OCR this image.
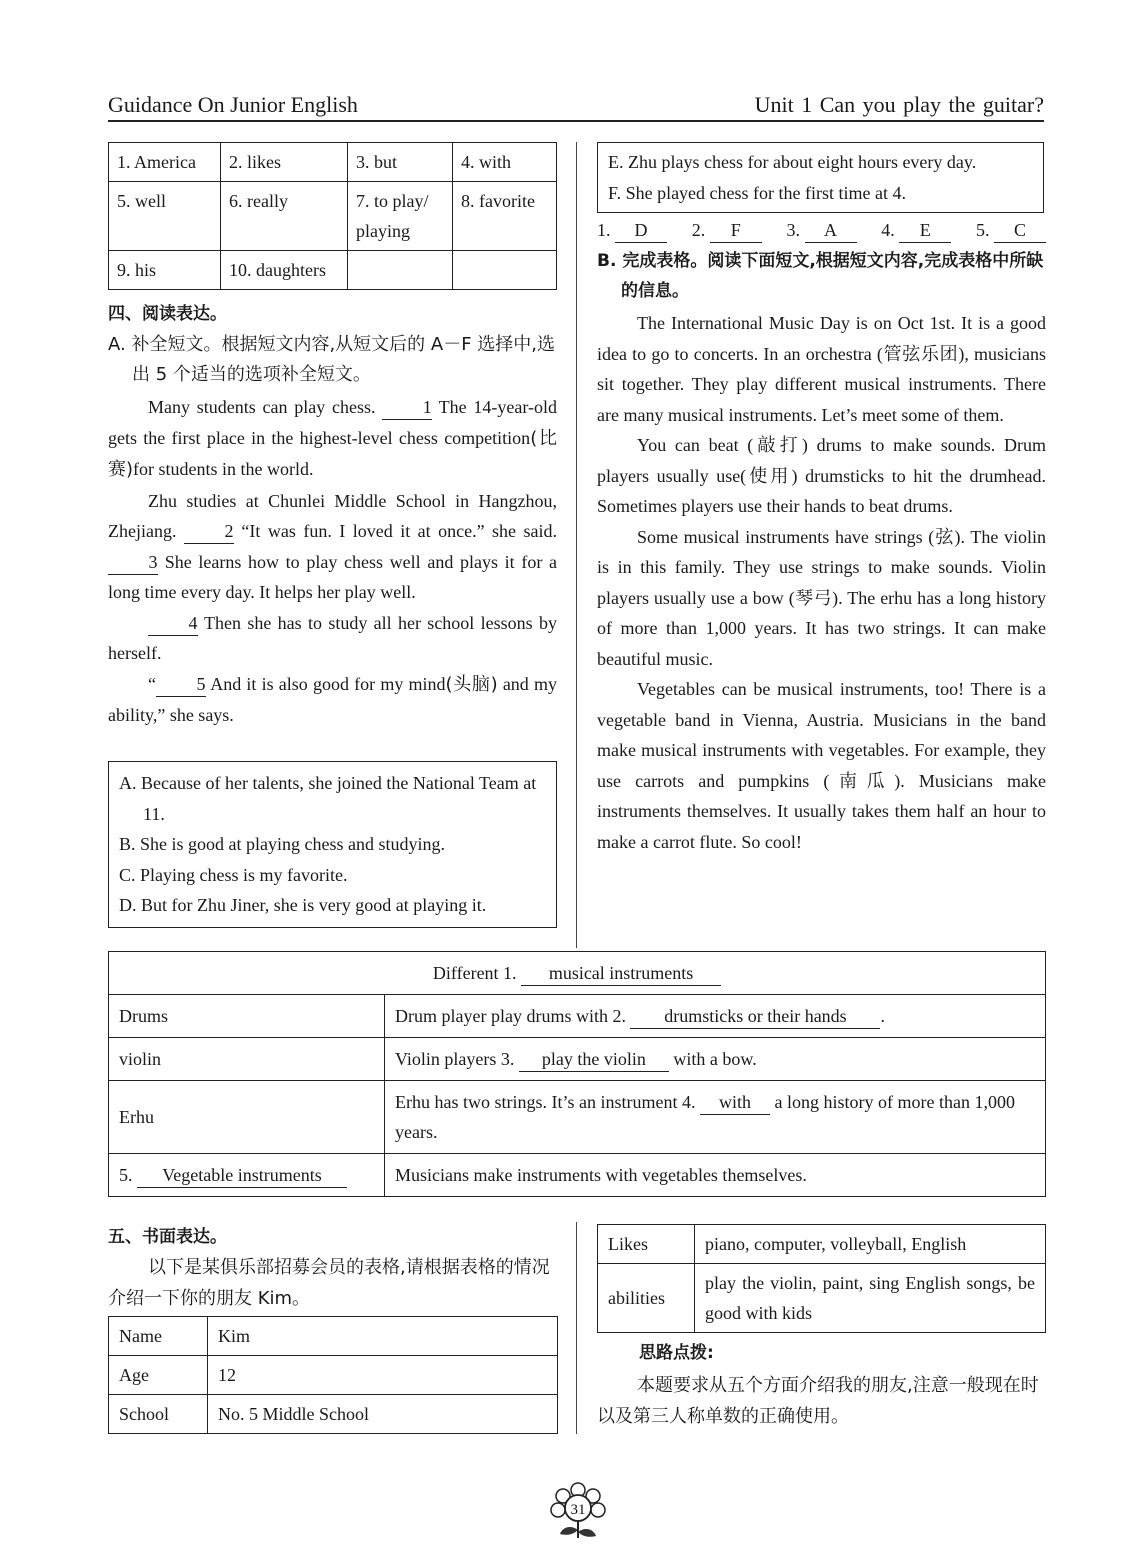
Guidance On Junior English	Unit 1 Can you play the guitar?
1. America	2. likes	3. but	4. with
5. well	6. really	7. to play/ playing	8. favorite
9. his	10. daughters		
四、阅读表达。
A. 补全短文。根据短文内容,从短文后的 A－F 选择中,选出 5 个适当的选项补全短文。
Many students can play chess.	1 The 14-year-old gets the first place in the highest-level chess competition(比赛)for students in the world.
Zhu studies at Chunlei Middle School in Hangzhou, Zhejiang.	2 “It was fun. I loved it at once.” she said. 3 She learns how to play chess well and plays it for a long time every day. It helps her play well.
4 Then she has to study all her school lessons by herself.
“ 5 And it is also good for my mind(头脑) and my ability,” she says.
A. Because of her talents, she joined the National Team at 11.
B. She is good at playing chess and studying.
C. Playing chess is my favorite.
D. But for Zhu Jiner, she is very good at playing it.
E. Zhu plays chess for about eight hours every day.
F. She played chess for the first time at 4.
1. D	2. F	3. A	4. E	5. C
B. 完成表格。阅读下面短文,根据短文内容,完成表格中所缺的信息。
The International Music Day is on Oct 1st. It is a good idea to go to concerts. In an orchestra (管弦乐团), musicians sit together. They play different musical instruments. There are many musical instruments. Let’s meet some of them.
You can beat (敲打) drums to make sounds. Drum players usually use(使用) drumsticks to hit the drumhead. Sometimes players use their hands to beat drums.
Some musical instruments have strings (弦). The violin is in this family. They use strings to make sounds. Violin players usually use a bow (琴弓). The erhu has a long history of more than 1,000 years. It has two strings. It can make beautiful music.
Vegetables can be musical instruments, too! There is a vegetable band in Vienna, Austria. Musicians in the band make musical instruments with vegetables. For example, they use carrots and pumpkins (南瓜). Musicians make instruments themselves. It usually takes them half an hour to make a carrot flute. So cool!
Different 1. musical instruments	
Drums	Drum player play drums with 2. drumsticks or their hands .
violin	Violin players 3. play the violin with a bow.
Erhu	Erhu has two strings. It’s an instrument 4. with a long history of more than 1,000 years.
5. Vegetable instruments	Musicians make instruments with vegetables themselves.
五、书面表达。
以下是某俱乐部招募会员的表格,请根据表格的情况介绍一下你的朋友 Kim。
Name	Kim
Age	12
School	No. 5 Middle School
Likes	piano, computer, volleyball, English
abilities	play the violin, paint, sing English songs, be good with kids
思路点拨:
本题要求从五个方面介绍我的朋友,注意一般现在时以及第三人称单数的正确使用。
31
